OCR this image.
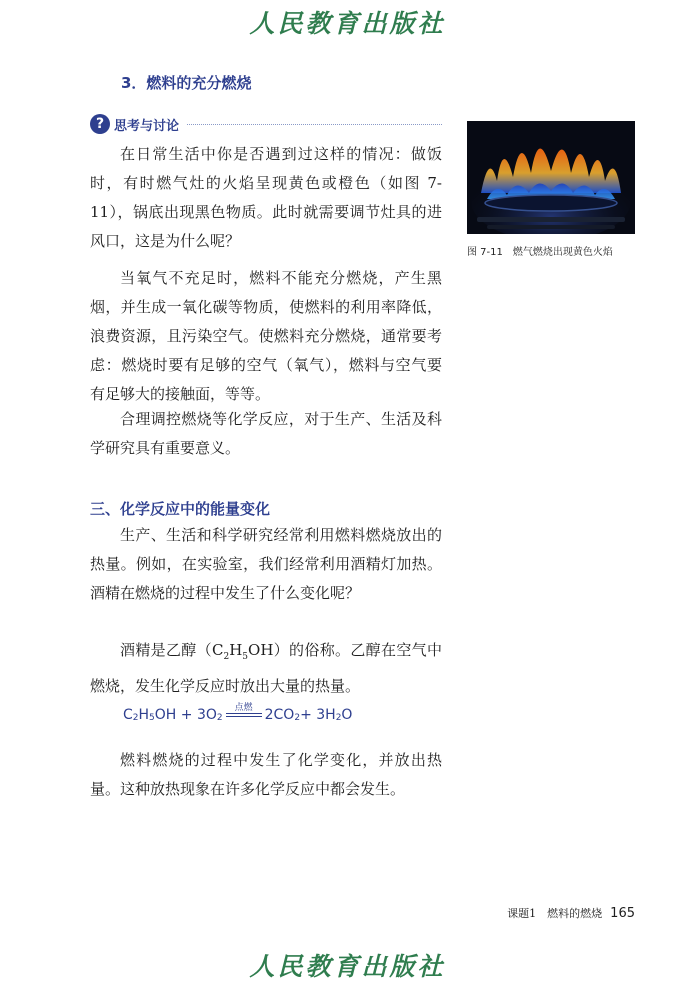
人民教育出版社
3．燃料的充分燃烧
? 思考与讨论

在日常生活中你是否遇到过这样的情况：做饭时，有时燃气灶的火焰呈现黄色或橙色（如图 7-11），锅底出现黑色物质。此时就需要调节灶具的进风口，这是为什么呢？

图 7-11　燃气燃烧出现黄色火焰

当氧气不充足时，燃料不能充分燃烧，产生黑烟，并生成一氧化碳等物质，使燃料的利用率降低，浪费资源，且污染空气。使燃料充分燃烧，通常要考虑：燃烧时要有足够的空气（氧气），燃料与空气要有足够大的接触面，等等。

合理调控燃烧等化学反应，对于生产、生活及科学研究具有重要意义。

三、化学反应中的能量变化

生产、生活和科学研究经常利用燃料燃烧放出的热量。例如，在实验室，我们经常利用酒精灯加热。酒精在燃烧的过程中发生了什么变化呢？

酒精是乙醇$(C_2H_5OH)$的俗称。乙醇在空气中燃烧，发生化学反应时放出大量的热量。

$C_2$ $H_5$ OH + $3O_2$
点燃 $2CO_2 + 3H_2$ O

燃料燃烧的过程中发生了化学变化，并放出热量。这种放热现象在许多化学反应中都会发生。

课题1　燃料的燃烧 165
人民教育出版社
